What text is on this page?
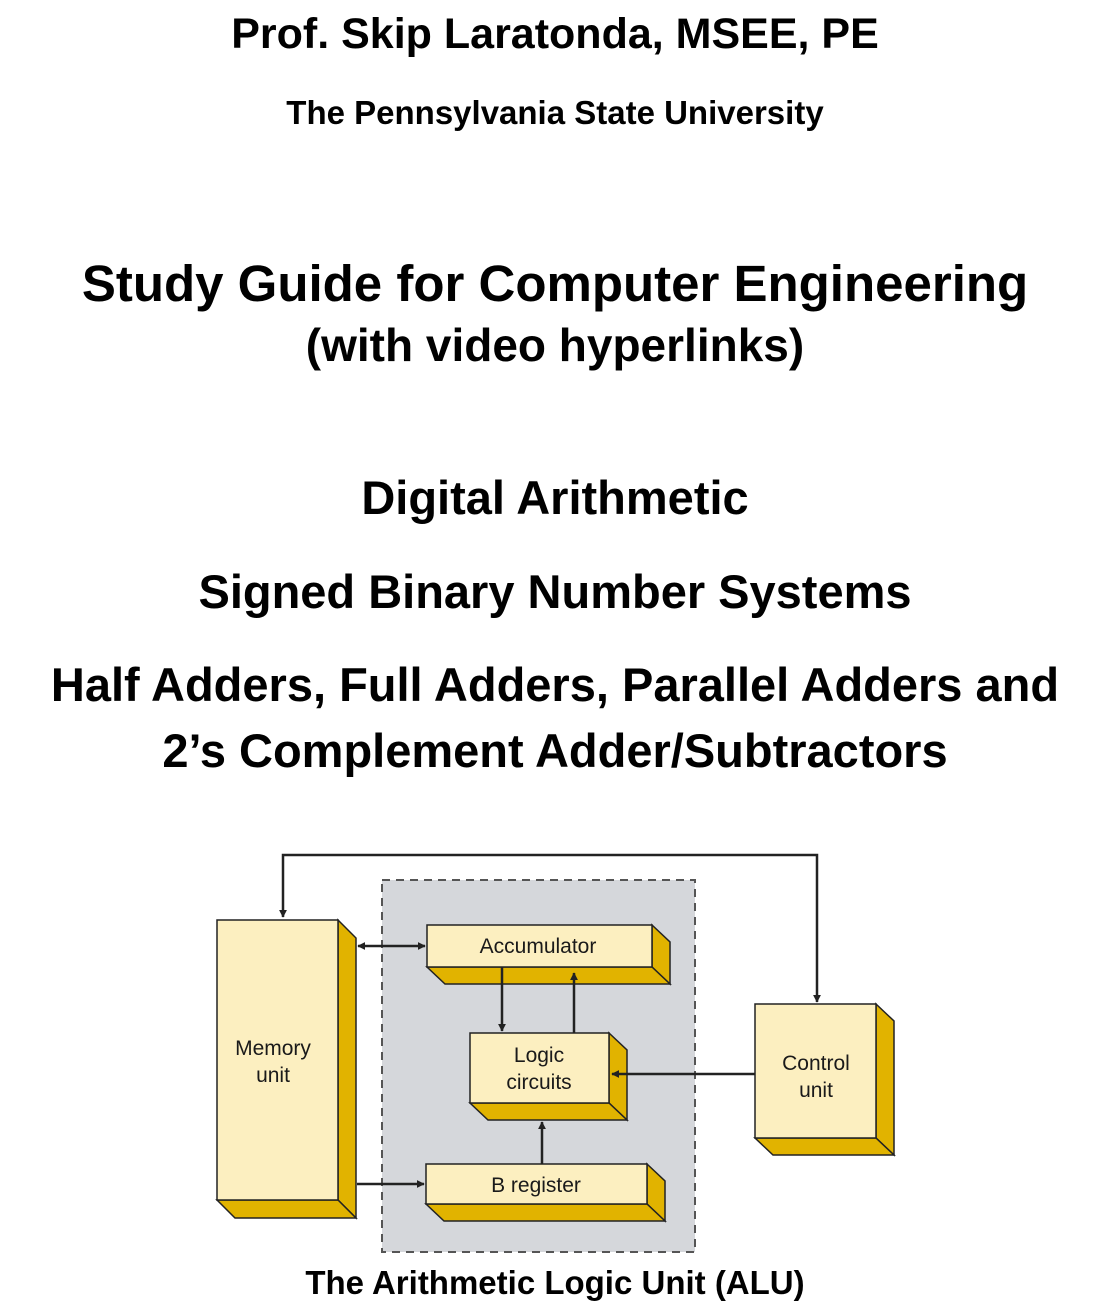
Prof. Skip Laratonda, MSEE, PE
The Pennsylvania State University
Study Guide for Computer Engineering
(with video hyperlinks)
Digital Arithmetic
Signed Binary Number Systems
Half Adders, Full Adders, Parallel Adders and
2’s Complement Adder/Subtractors
Memory
unit
Accumulator
Logic
circuits
B register
Control
unit
The Arithmetic Logic Unit (ALU)
